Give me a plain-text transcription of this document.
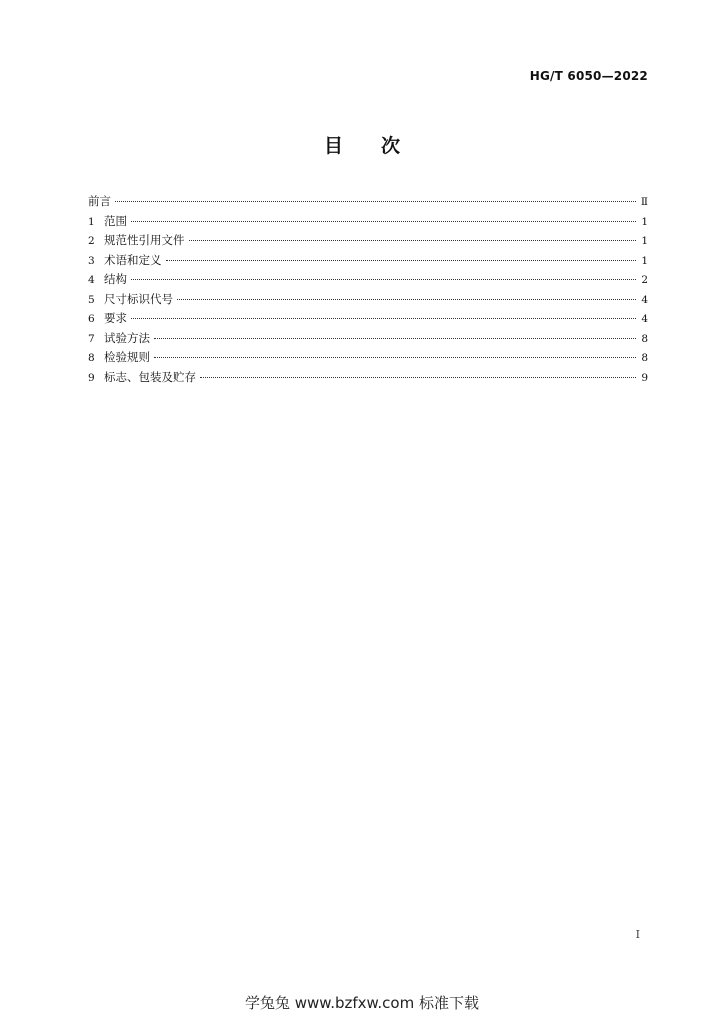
HG/T 6050—2022
目　　次
前言	Ⅱ
1 范围	1
2 规范性引用文件	1
3 术语和定义	1
4 结构	2
5 尺寸标识代号	4
6 要求	4
7 试验方法	8
8 检验规则	8
9 标志、包装及贮存	9
Ⅰ
学兔兔 www.bzfxw.com 标准下载
